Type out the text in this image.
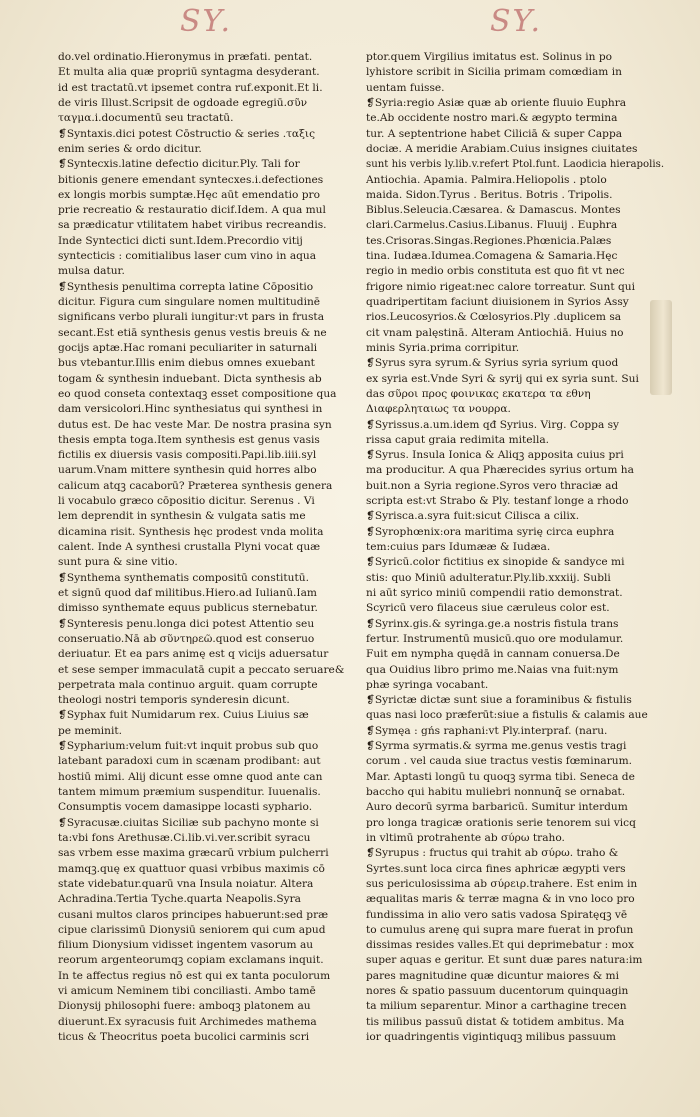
SY.	SY.
do.vel ordinatio.Hieronymus in præfati. pentat.
Et multa alia quæ propriū syntagma desyderant.
id est tractatū.vt ipsemet contra ruf.exponit.Et li.
de viris Illust.Scripsit de ogdoade egregiū.σῦν
ταγμα.i.documentū seu tractatū.
❡Syntaxis.dici potest Cōstructio & series .ταξις
enim series & ordo dicitur.
❡Syntecxis.latine defectio dicitur.Ply. Tali for
bitionis genere emendant syntecxes.i.defectiones
ex longis morbis sumptæ.Hęc aūt emendatio pro
prie recreatio & restauratio dicif.Idem. A qua mul
sa prædicatur vtilitatem habet viribus recreandis.
Inde Syntectici dicti sunt.Idem.Precordio vitij
syntecticis : comitialibus laser cum vino in aqua
mulsa datur.
❡Synthesis penultima correpta latine Cōpositio
dicitur. Figura cum singulare nomen multitudinē
significans verbo plurali iungitur:vt pars in frusta
secant.Est etiā synthesis genus vestis breuis & ne
gocijs aptæ.Hac romani peculiariter in saturnali
bus vtebantur.Illis enim diebus omnes exuebant
togam & synthesin induebant. Dicta synthesis ab
eo quod conseta contextaqꝫ esset compositione qua
dam versicolori.Hinc synthesiatus qui synthesi in
dutus est. De hac veste Mar. De nostra prasina syn
thesis empta toga.Item synthesis est genus vasis
fictilis ex diuersis vasis compositi.Papi.lib.iiii.syl
uarum.Vnam mittere synthesin quid horres albo
calicum atqꝫ cacaborū? Præterea synthesis genera
li vocabulo græco cōpositio dicitur. Serenus . Vi
lem deprendit in synthesin & vulgata satis me
dicamina risit. Synthesis hęc prodest vnda molita
calent. Inde A synthesi crustalla Plyni vocat quæ
sunt pura & sine vitio.
❡Synthema synthematis compositū constitutū.
et signū quod daf militibus.Hiero.ad Iulianū.Iam
dimisso synthemate equus publicus sternebatur.
❡Synteresis penu.longa dici potest Attentio seu
conseruatio.Nā ab σῦντηρεῶ.quod est conseruo
deriuatur. Et ea pars animę est q vicijs aduersatur
et sese semper immaculatā cupit a peccato seruare&
perpetrata mala continuo arguit. quam corrupte
theologi nostri temporis synderesin dicunt.
❡Syphax fuit Numidarum rex. Cuius Liuius sæ
pe meminit.
❡Sypharium:velum fuit:vt inquit probus sub quo
latebant paradoxi cum in scænam prodibant: aut
hostiū mimi. Alij dicunt esse omne quod ante can
tantem mimum præmium suspenditur. Iuuenalis.
Consumptis vocem damasippe locasti syphario.
❡Syracusæ.ciuitas Siciliæ sub pachyno monte si
ta:vbi fons Arethusæ.Ci.lib.vi.ver.scribit syracu
sas vrbem esse maxima græcarū vrbium pulcherri
mamqꝫ.quę ex quattuor quasi vrbibus maximis cō
state videbatur.quarū vna Insula noiatur. Altera
Achradina.Tertia Tyche.quarta Neapolis.Syra
cusani multos claros principes habuerunt:sed præ
cipue clarissimū Dionysiū seniorem qui cum apud
filium Dionysium vidisset ingentem vasorum au
reorum argenteorumqꝫ copiam exclamans inquit.
In te affectus regius nō est qui ex tanta poculorum
vi amicum Neminem tibi conciliasti. Ambo tamē
Dionysij philosophi fuere: amboqꝫ platonem au
diuerunt.Ex syracusis fuit Archimedes mathema
ticus & Theocritus poeta bucolici carminis scri
ptor.quem Virgilius imitatus est. Solinus in po
lyhistore scribit in Sicilia primam comœdiam in
uentam fuisse.
❡Syria:regio Asiæ quæ ab oriente fluuio Euphra
te.Ab occidente nostro mari.& ægypto termina
tur. A septentrione habet Ciliciā & super Cappa
dociæ. A meridie Arabiam.Cuius insignes ciuitates
sunt his verbis ly.lib.v.refert Ptol.funt. Laodicia hierapolis.
Antiochia. Apamia. Palmira.Heliopolis . ptolo
maida. Sidon.Tyrus . Beritus. Botris . Tripolis.
Biblus.Seleucia.Cæsarea. & Damascus. Montes
clari.Carmelus.Casius.Libanus. Fluuij . Euphra
tes.Crisoras.Singas.Regiones.Phœnicia.Palæs
tina. Iudæa.Idumea.Comagena & Samaria.Hęc
regio in medio orbis constituta est quo fit vt nec
frigore nimio rigeat:nec calore torreatur. Sunt qui
quadripertitam faciunt diuisionem in Syrios Assy
rios.Leucosyrios.& Cœlosyrios.Ply .duplicem sa
cit vnam palęstinā. Alteram Antiochiā. Huius no
minis Syria.prima corripitur.
❡Syrus syra syrum.& Syrius syria syrium quod
ex syria est.Vnde Syri & syrij qui ex syria sunt. Sui
das σῦροι προς φοινικας εκατερα τα εθνη
Διαφερληταιως τα νουρρα.
❡Syrissus.a.um.idem qđ Syrius. Virg. Coppa sy
rissa caput graia redimita mitella.
❡Syrus. Insula Ionica & Aliqꝫ apposita cuius pri
ma producitur. A qua Phærecides syrius ortum ha
buit.non a Syria regione.Syros vero thraciæ ad
scripta est:vt Strabo & Ply. testanf longe a rhodo
❡Syrisca.a.syra fuit:sicut Cilisca a cilix.
❡Syrophœnix:ora maritima syrię circa euphra
tem:cuius pars Idumææ & Iudæa.
❡Syricū.color fictitius ex sinopide & sandyce mi
stis: quo Miniū adulteratur.Ply.lib.xxxiij. Subli
ni aūt syrico miniū compendii ratio demonstrat.
Scyricū vero filaceus siue cæruleus color est.
❡Syrinx.gis.& syringa.ge.a nostris fistula trans
fertur. Instrumentū musicū.quo ore modulamur.
Fuit em nympha quędā in cannam conuersa.De
qua Ouidius libro primo me.Naias vna fuit:nym
phæ syringa vocabant.
❡Syrictæ dictæ sunt siue a foraminibus & fistulis
quas nasi loco præferūt:siue a fistulis & calamis aue
❡Symęa : gńs raphani:vt Ply.interpraf. (naru.
❡Syrma syrmatis.& syrma me.genus vestis tragi
corum . vel cauda siue tractus vestis fœminarum.
Mar. Aptasti longū tu quoqꝫ syrma tibi. Seneca de
baccho qui habitu muliebri nonnunq̄ se ornabat.
Auro decorū syrma barbaricū. Sumitur interdum
pro longa tragicæ orationis serie tenorem sui vicq
in vltimū protrahente ab σύρω traho.
❡Syrupus : fructus qui trahit ab σύρω. traho &
Syrtes.sunt loca circa fines aphricæ ægypti vers
sus periculosissima ab σύρειρ.trahere. Est enim in
æqualitas maris & terræ magna & in vno loco pro
fundissima in alio vero satis vadosa Spiratęqꝫ vē
to cumulus arenę qui supra mare fuerat in profun
dissimas resides valles.Et qui deprimebatur : mox
super aquas e geritur. Et sunt duæ pares natura:im
pares magnitudine quæ dicuntur maiores & mi
nores & spatio passuum ducentorum quinquagin
ta milium separentur. Minor a carthagine trecen
tis milibus passuū distat & totidem ambitus. Ma
ior quadringentis vigintiquqꝫ milibus passuum
